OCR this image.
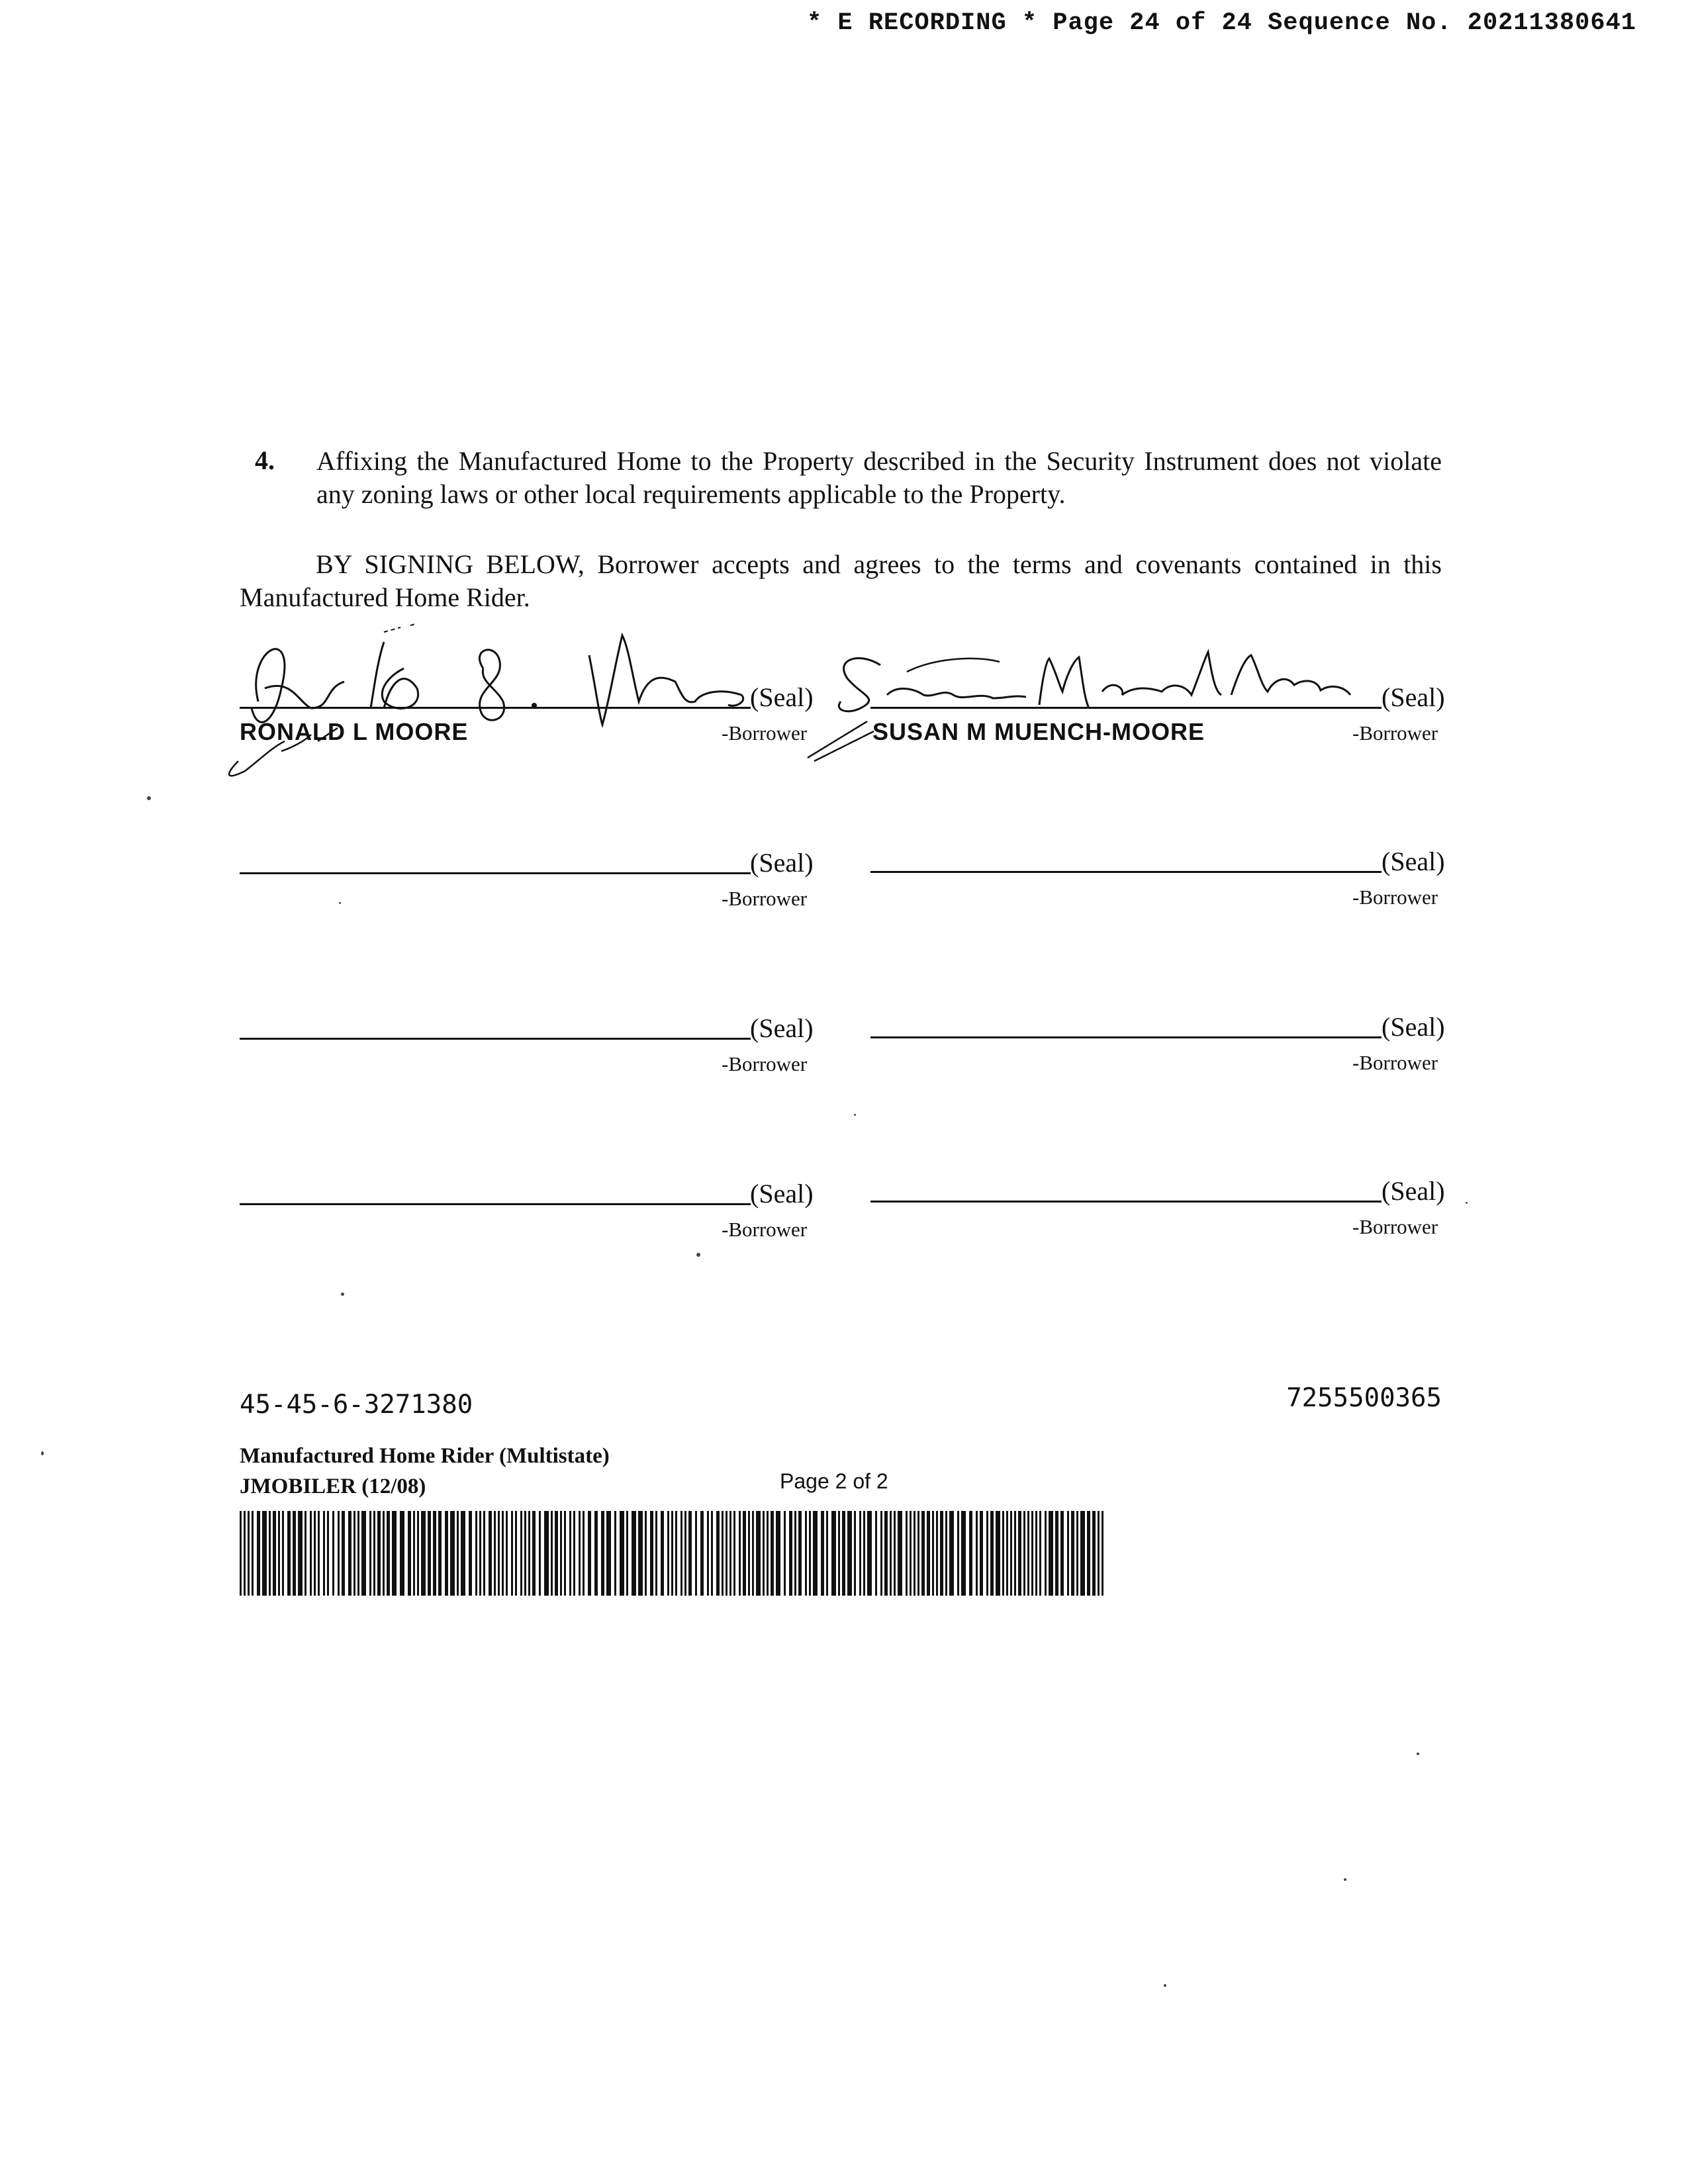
* E RECORDING * Page 24 of 24 Sequence No. 20211380641
4. Affixing the Manufactured Home to the Property described in the Security Instrument does not violate any zoning laws or other local requirements applicable to the Property.
BY SIGNING BELOW, Borrower accepts and agrees to the terms and covenants contained in this Manufactured Home Rider.
(Seal)
RONALD L MOORE	-Borrower
(Seal)
SUSAN M MUENCH-MOORE	-Borrower
(Seal)
-Borrower
(Seal)
-Borrower
(Seal)
-Borrower
(Seal)
-Borrower
(Seal)
-Borrower
(Seal)
-Borrower
45-45-6-3271380	7255500365
Manufactured Home Rider (Multistate)
JMOBILER (12/08)	Page 2 of 2
